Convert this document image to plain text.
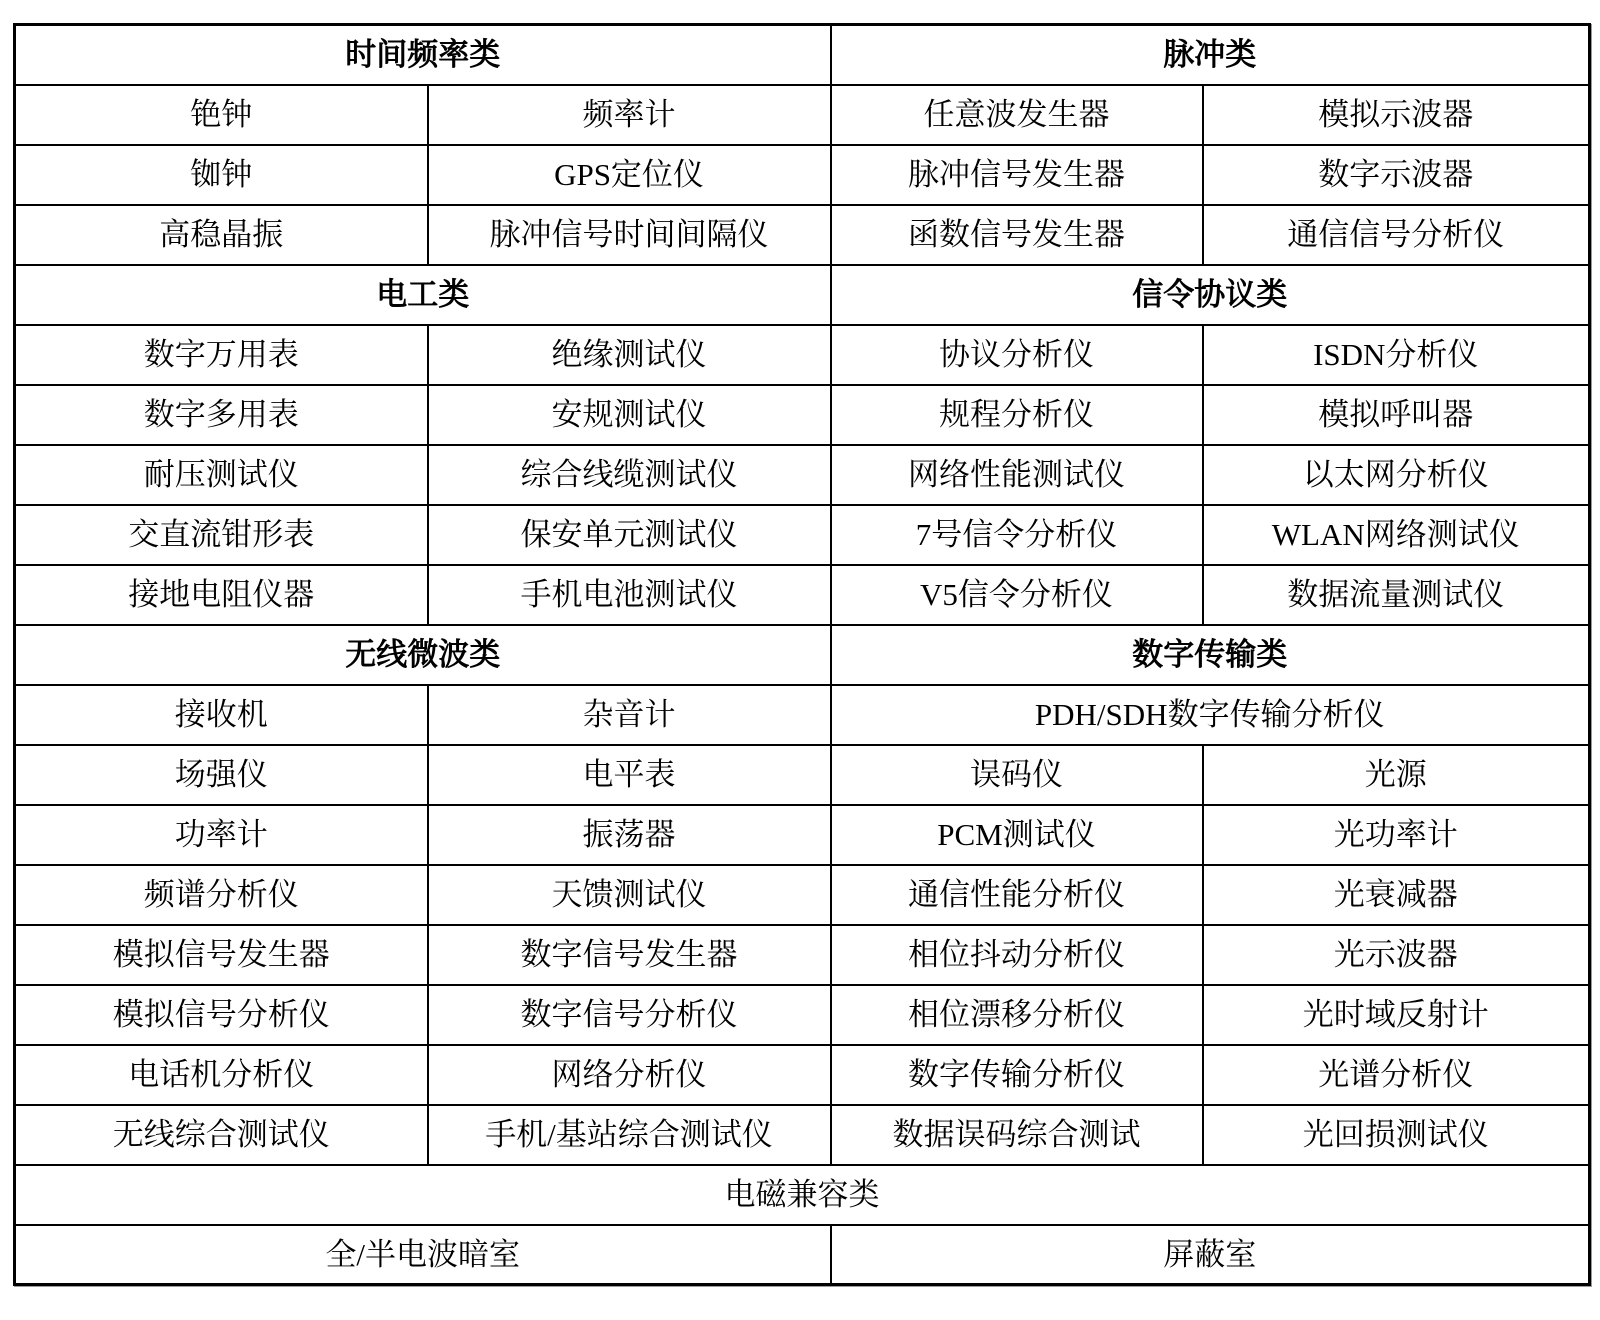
时间频率类		脉冲类	
铯钟	频率计	任意波发生器	模拟示波器
铷钟	GPS定位仪	脉冲信号发生器	数字示波器
高稳晶振	脉冲信号时间间隔仪	函数信号发生器	通信信号分析仪
电工类		信令协议类	
数字万用表	绝缘测试仪	协议分析仪	ISDN分析仪
数字多用表	安规测试仪	规程分析仪	模拟呼叫器
耐压测试仪	综合线缆测试仪	网络性能测试仪	以太网分析仪
交直流钳形表	保安单元测试仪	7号信令分析仪	WLAN网络测试仪
接地电阻仪器	手机电池测试仪	V5信令分析仪	数据流量测试仪
无线微波类		数字传输类	
接收机	杂音计	PDH/SDH数字传输分析仪	
场强仪	电平表	误码仪	光源
功率计	振荡器	PCM测试仪	光功率计
频谱分析仪	天馈测试仪	通信性能分析仪	光衰减器
模拟信号发生器	数字信号发生器	相位抖动分析仪	光示波器
模拟信号分析仪	数字信号分析仪	相位漂移分析仪	光时域反射计
电话机分析仪	网络分析仪	数字传输分析仪	光谱分析仪
无线综合测试仪	手机/基站综合测试仪	数据误码综合测试	光回损测试仪
电磁兼容类			
全/半电波暗室		屏蔽室	
